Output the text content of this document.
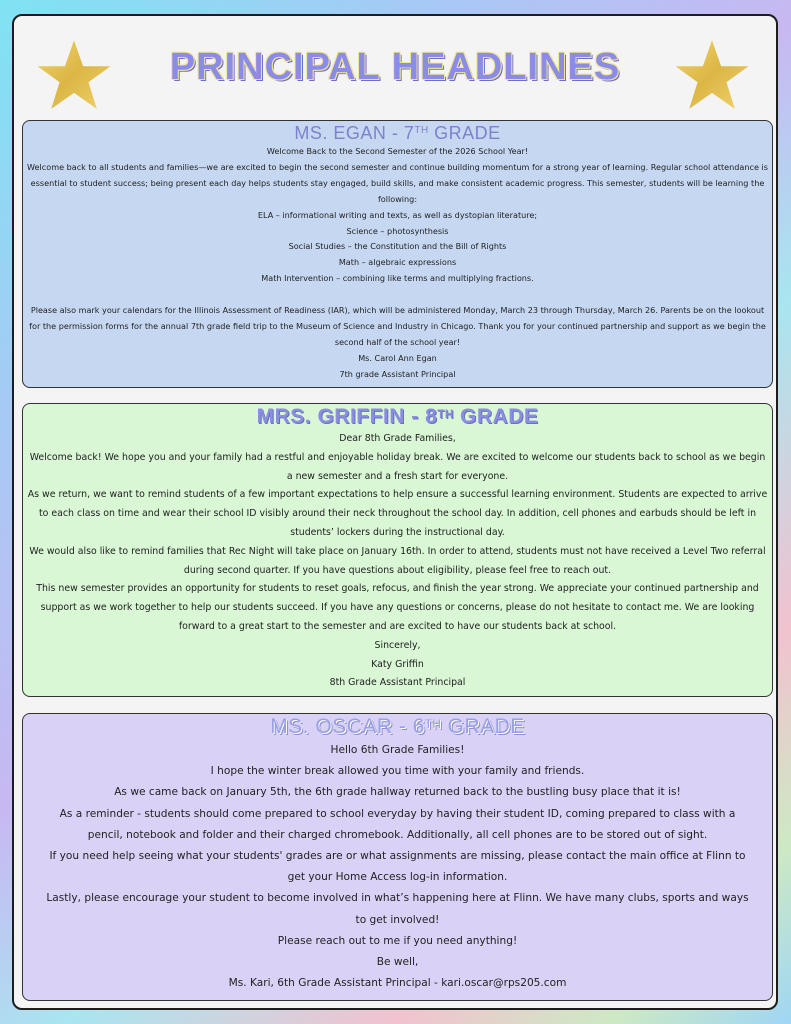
PRINCIPAL HEADLINES
MS. EGAN - 7TH GRADE

Welcome Back to the Second Semester of the 2026 School Year!

Welcome back to all students and families—we are excited to begin the second semester and continue building momentum for a strong year of learning. Regular school attendance is essential to student success; being present each day helps students stay engaged, build skills, and make consistent academic progress. This semester, students will be learning the following:

ELA – informational writing and texts, as well as dystopian literature;

Science – photosynthesis

Social Studies – the Constitution and the Bill of Rights

Math – algebraic expressions

Math Intervention – combining like terms and multiplying fractions.

Please also mark your calendars for the Illinois Assessment of Readiness (IAR), which will be administered Monday, March 23 through Thursday, March 26. Parents be on the lookout for the permission forms for the annual 7th grade field trip to the Museum of Science and Industry in Chicago. Thank you for your continued partnership and support as we begin the second half of the school year!

Ms. Carol Ann Egan

7th grade Assistant Principal

MRS. GRIFFIN - 8TH GRADE

Dear 8th Grade Families,

Welcome back! We hope you and your family had a restful and enjoyable holiday break. We are excited to welcome our students back to school as we begin a new semester and a fresh start for everyone.

As we return, we want to remind students of a few important expectations to help ensure a successful learning environment. Students are expected to arrive to each class on time and wear their school ID visibly around their neck throughout the school day. In addition, cell phones and earbuds should be left in students’ lockers during the instructional day.

We would also like to remind families that Rec Night will take place on January 16th. In order to attend, students must not have received a Level Two referral during second quarter. If you have questions about eligibility, please feel free to reach out.

This new semester provides an opportunity for students to reset goals, refocus, and finish the year strong. We appreciate your continued partnership and support as we work together to help our students succeed. If you have any questions or concerns, please do not hesitate to contact me. We are looking forward to a great start to the semester and are excited to have our students back at school.

Sincerely,

Katy Griffin

8th Grade Assistant Principal

MS. OSCAR - 6TH GRADE

Hello 6th Grade Families!

I hope the winter break allowed you time with your family and friends.

As we came back on January 5th, the 6th grade hallway returned back to the bustling busy place that it is!

As a reminder - students should come prepared to school everyday by having their student ID, coming prepared to class with a pencil, notebook and folder and their charged chromebook. Additionally, all cell phones are to be stored out of sight.

If you need help seeing what your students' grades are or what assignments are missing, please contact the main office at Flinn to get your Home Access log-in information.

Lastly, please encourage your student to become involved in what’s happening here at Flinn. We have many clubs, sports and ways to get involved!

Please reach out to me if you need anything!

Be well,

Ms. Kari, 6th Grade Assistant Principal - kari.oscar@rps205.com
